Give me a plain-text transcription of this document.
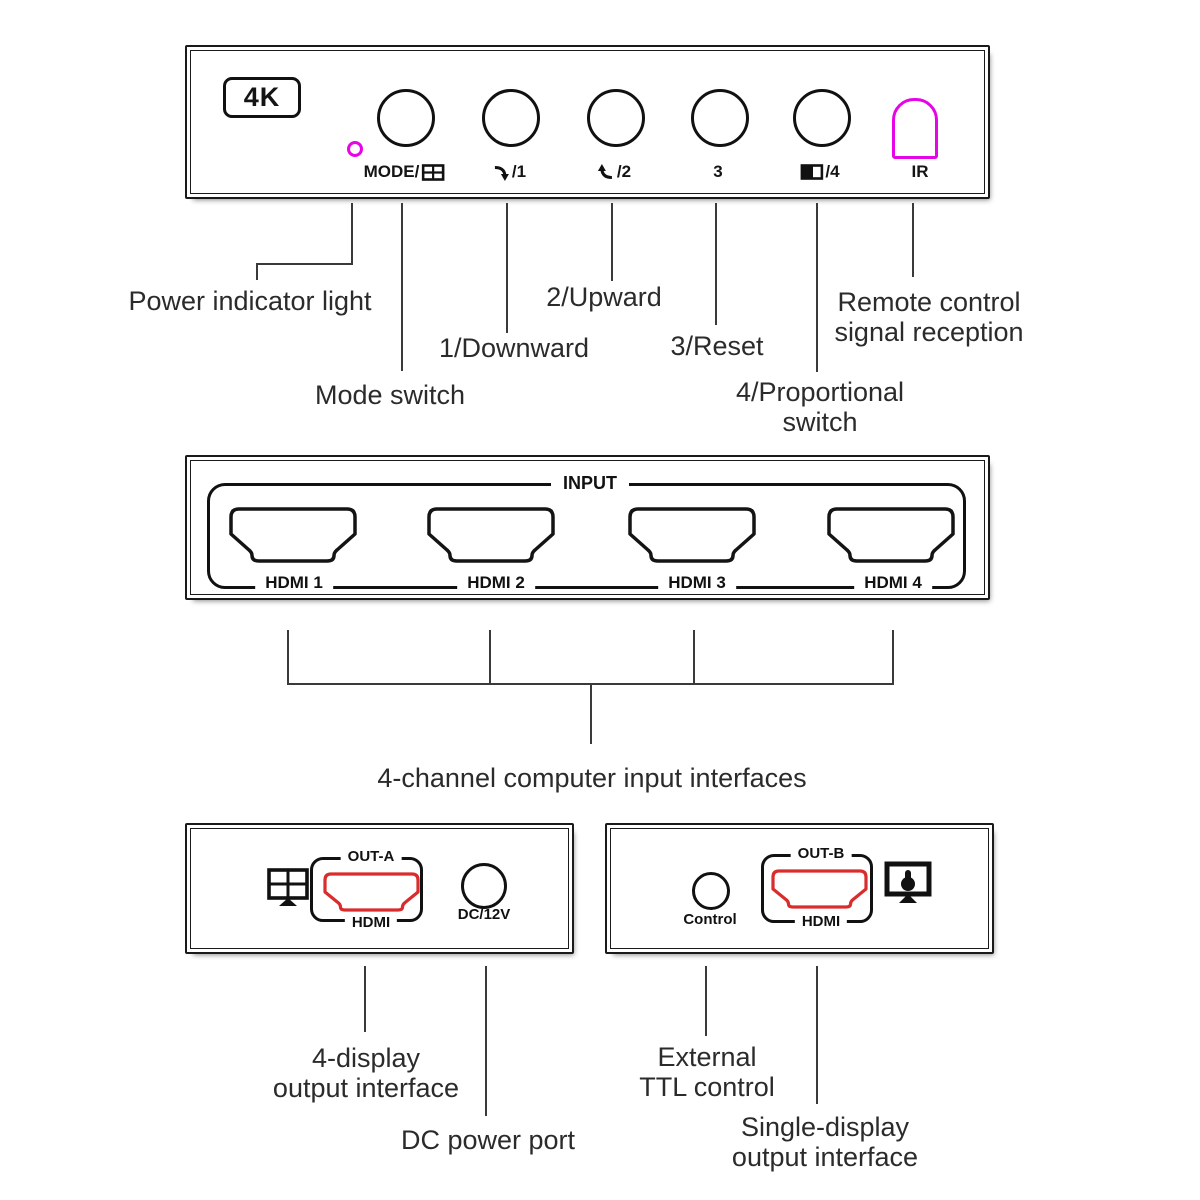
4K
MODE/	/1	/2	3	/4	IR
Power indicator light
Mode switch
1/Downward
2/Upward
3/Reset
4/Proportional
switch
Remote control
signal reception
INPUT
HDMI 1	HDMI 2	HDMI 3	HDMI 4
4-channel computer input interfaces
OUT-A
HDMI	DC/12V	Control
OUT-B
HDMI
4-display
output interface
DC power port
External
TTL control
Single-display
output interface
